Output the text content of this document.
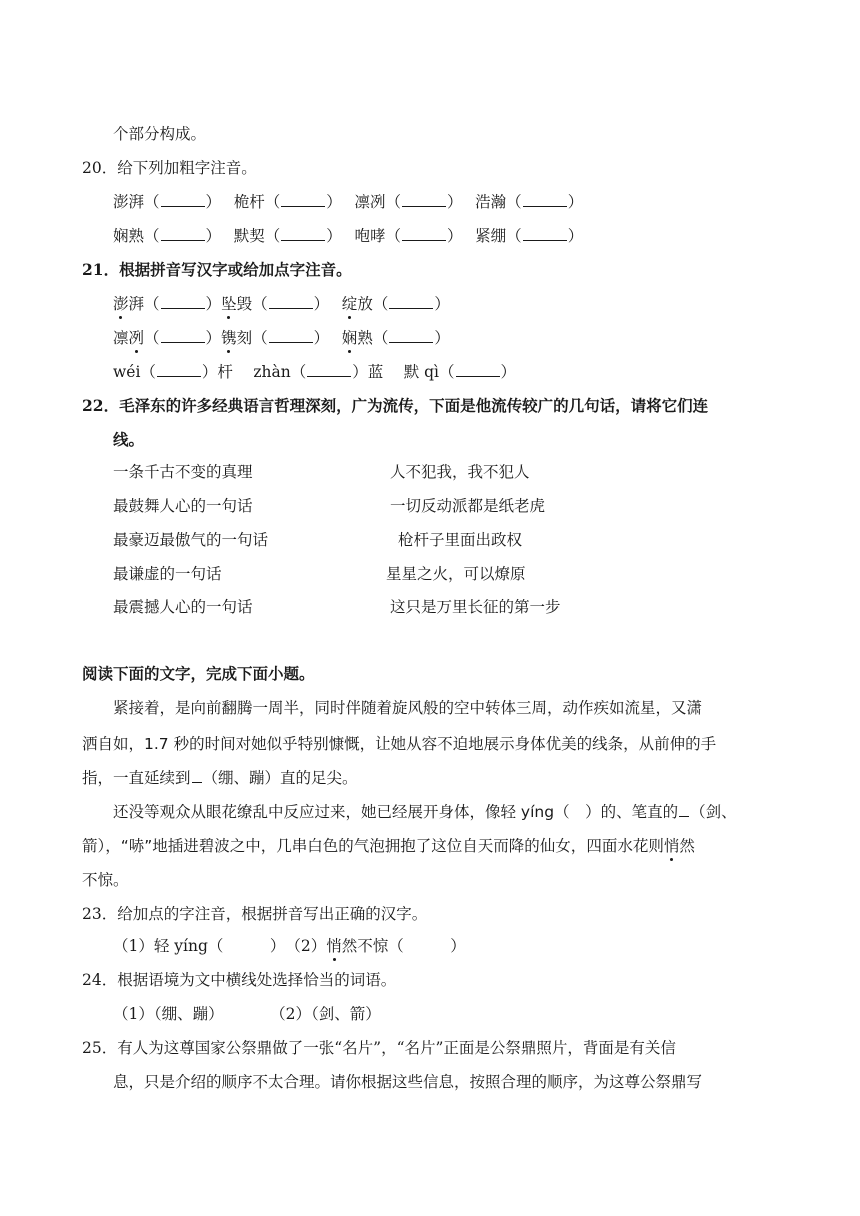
个部分构成。
20．给下列加粗字注音。
澎湃（	）　 桅杆（	）　 凛冽（	）　 浩瀚（	）
娴熟（	）　 默契（	）　 咆哮（	）　 紧绷（	）
21．根据拼音写汉字或给加点字注音。
澎湃（	）坠毁（	）　 绽放（	）
凛冽（	）镌刻（	）　 娴熟（	）
wéi（	）杆　 zhàn（	）蓝　 默 qì（	）
22．毛泽东的许多经典语言哲理深刻，广为流传，下面是他流传较广的几句话，请将它们连
线。
一条千古不变的真理	人不犯我，我不犯人
最鼓舞人心的一句话	一切反动派都是纸老虎
最豪迈最傲气的一句话	枪杆子里面出政权
最谦虚的一句话	星星之火，可以燎原
最震撼人心的一句话	这只是万里长征的第一步
阅读下面的文字，完成下面小题。
紧接着，是向前翻腾一周半，同时伴随着旋风般的空中转体三周，动作疾如流星，又潇
洒自如，1.7 秒的时间对她似乎特别慷慨，让她从容不迫地展示身体优美的线条，从前伸的手
指，一直延续到 （绷、蹦）直的足尖。
还没等观众从眼花缭乱中反应过来，她已经展开身体，像轻 yíng（　）的、笔直的 （剑、
箭），“哧”地插进碧波之中，几串白色的气泡拥抱了这位自天而降的仙女，四面水花则悄然
不惊。
23．给加点的字注音，根据拼音写出正确的汉字。
（1）轻 yíng（　　　）　（2）悄然不惊（　　　）
24．根据语境为文中横线处选择恰当的词语。
（1）（绷、蹦）　　　　（2）（剑、箭）
25．有人为这尊国家公祭鼎做了一张“名片”，“名片”正面是公祭鼎照片，背面是有关信
息，只是介绍的顺序不太合理。请你根据这些信息，按照合理的顺序，为这尊公祭鼎写
